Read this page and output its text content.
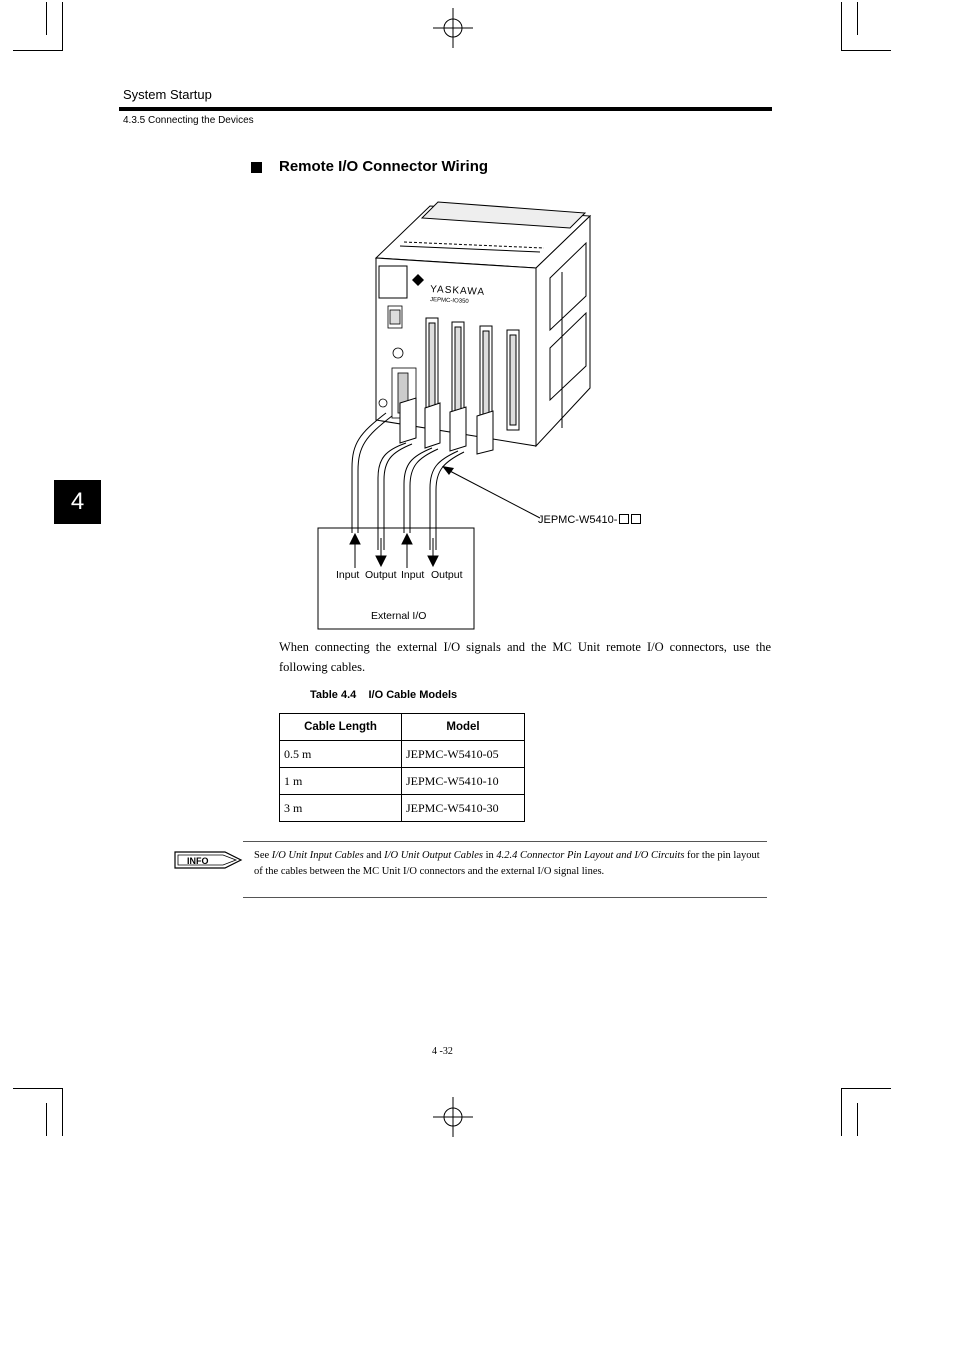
System Startup
4.3.5 Connecting the Devices
4
Remote I/O Connector Wiring
YASKAWA
JEPMC-IO350
JEPMC-W5410-
Input Output Input Output
External I/O
When connecting the external I/O signals and the MC Unit remote I/O connectors, use the following cables.
Table 4.4    I/O Cable Models
Cable Length	Model
0.5 m	JEPMC-W5410-05
1 m	JEPMC-W5410-10
3 m	JEPMC-W5410-30
INFO	See I/O Unit Input Cables and I/O Unit Output Cables in 4.2.4 Connector Pin Layout and I/O Circuits for the pin layout of the cables between the MC Unit I/O connectors and the external I/O signal lines.
4 -32
